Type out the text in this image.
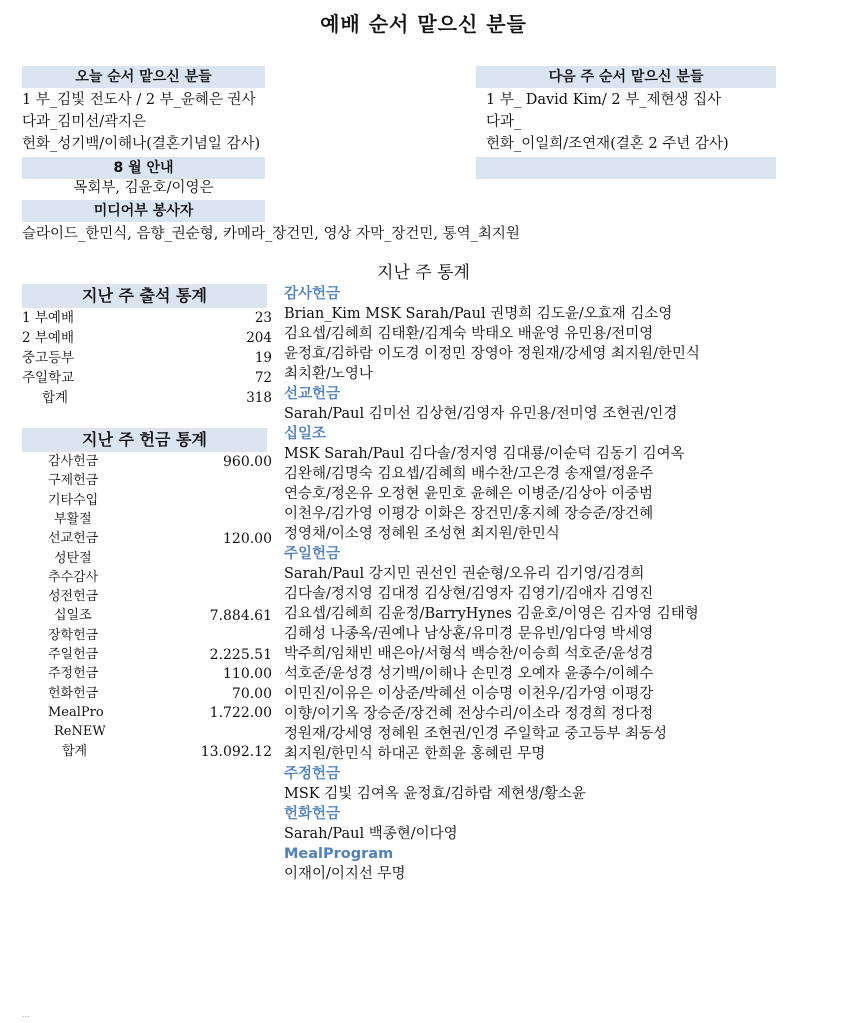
예배 순서 맡으신 분들
오늘 순서 맡으신 분들
1 부_김빛 전도사 / 2 부_윤혜은 권사
다과_김미선/곽지은
헌화_성기백/이해나(결혼기념일 감사)
다음 주 순서 맡으신 분들
1 부_ David Kim/ 2 부_제현생 집사
다과_
헌화_이일희/조연재(결혼 2 주년 감사)
8 월 안내
목회부, 김윤호/이영은
미디어부 봉사자
슬라이드_한민식, 음향_권순형, 카메라_장건민, 영상 자막_장건민, 통역_최지원
지난 주 통계
지난 주 출석 통계
1 부예배	23
2 부예배	204
중고등부	19
주일학교	72
합계	318
지난 주 헌금 통계
감사헌금	960.00
구제헌금
기타수입
부활절
선교헌금	120.00
성탄절
추수감사
성전헌금
십일조	7.884.61
장학헌금
주일헌금	2.225.51
주정헌금	110.00
헌화헌금	70.00
MealPro	1.722.00
ReNEW
합계	13.092.12
감사헌금
Brian_Kim MSK Sarah/Paul 권명희 김도윤/오효재 김소영
김요셉/김혜희 김태환/김계숙 박태오 배윤영 유민용/전미영
윤정효/김하람 이도경 이정민 장영아 정원재/강세영 최지원/한민식
최치환/노영나
선교헌금
Sarah/Paul 김미선 김상현/김영자 유민용/전미영 조현권/인경
십일조
MSK Sarah/Paul 김다솔/정지영 김대룡/이순덕 김동기 김여옥
김완해/김명숙 김요셉/김혜희 배수찬/고은경 송재열/정윤주
연승호/정온유 오정현 윤민호 윤혜은 이병준/김상아 이중범
이천우/김가영 이평강 이화은 장건민/홍지혜 장승준/장건혜
정영채/이소영 정혜원 조성현 최지원/한민식
주일헌금
Sarah/Paul 강지민 권선인 권순형/오유리 김기영/김경희
김다솔/정지영 김대정 김상현/김영자 김영기/김애자 김영진
김요셉/김혜희 김윤정/BarryHynes 김윤호/이영은 김자영 김태형
김해성 나종옥/권예나 남상훈/유미경 문유빈/임다영 박세영
박주희/임채빈 배은아/서형석 백승찬/이승희 석호준/윤성경
석호준/윤성경 성기백/이해나 손민경 오예자 윤종수/이혜수
이민진/이유은 이상준/박혜선 이승명 이천우/김가영 이평강
이향/이기옥 장승준/장건혜 전상수리/이소라 정경희 정다정
정원재/강세영 정혜원 조현권/인경 주일학교 중고등부 최동성
최지원/한민식 하대곤 한희윤 홍혜린 무명
주정헌금
MSK 김빛 김여옥 윤정효/김하람 제현생/황소윤
헌화헌금
Sarah/Paul 백종현/이다영
MealProgram
이재이/이지선 무명
...
